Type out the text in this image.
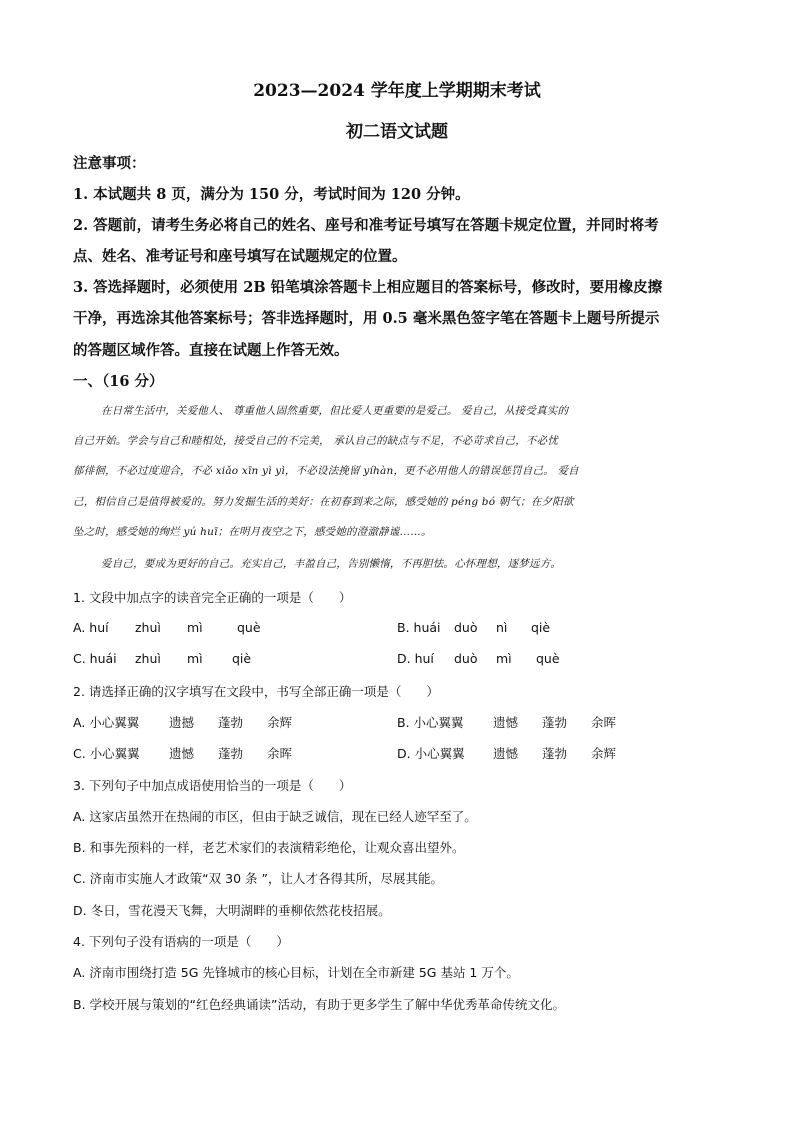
2023—2024 学年度上学期期末考试
初二语文试题
注意事项：
1. 本试题共 8 页，满分为 150 分，考试时间为 120 分钟。
2. 答题前，请考生务必将自己的姓名、座号和准考证号填写在答题卡规定位置，并同时将考
点、姓名、准考证号和座号填写在试题规定的位置。
3. 答选择题时，必须使用 2B 铅笔填涂答题卡上相应题目的答案标号，修改时，要用橡皮擦
干净，再选涂其他答案标号；答非选择题时，用 0.5 毫米黑色签字笔在答题卡上题号所提示
的答题区域作答。直接在试题上作答无效。
一、（16 分）
在日常生活中，关爱他人、 尊重他人固然重要，但比爱人更重要的是爱己。 爱自己，从接受真实的
自己开始。学会与自己和睦相处，接受自己的不完美， 承认自己的缺点与不足，不必苛求自己，不必忧
郁徘徊，不必过度迎合，不必 xiǎo xīn yì yì，不必设法挽留 yíhàn，更不必用他人的错误惩罚自己。 爱自
己，相信自己是值得被爱的。努力发掘生活的美好：在初春到来之际，感受她的 péng bó 朝气；在夕阳欲
坠之时，感受她的绚烂 yú huī；在明月夜空之下，感受她的澄澈静谧……。
爱自己，要成为更好的自己。充实自己，丰盈自己，告别懒惰，不再胆怯。心怀理想，逐梦远方。
1. 文段中加点字的读音完全正确的一项是（　　）
A. huí zhuì mì	què	B. huái duò nì qiè
C. huái zhuì mì qiè	D. huí duò mì què
2. 请选择正确的汉字填写在文段中，书写全部正确一项是（　　）
A. 小心翼翼 遗撼 蓬勃 余辉	B. 小心翼翼 遗憾 蓬勃 余晖
C. 小心翼翼 遗憾 蓬勃 余晖	D. 小心翼翼 遗憾 蓬勃 余辉
3. 下列句子中加点成语使用恰当的一项是（　　）
A. 这家店虽然开在热闹的市区，但由于缺乏诚信，现在已经人迹罕至了。
B. 和事先预料的一样，老艺术家们的表演精彩绝伦，让观众喜出望外。
C. 济南市实施人才政策“双 30 条 ”，让人才各得其所，尽展其能。
D. 冬日，雪花漫天飞舞，大明湖畔的垂柳依然花枝招展。
4. 下列句子没有语病的一项是（　　）
A. 济南市围绕打造 5G 先锋城市的核心目标，计划在全市新建 5G 基站 1 万个。
B. 学校开展与策划的“红色经典诵读”活动，有助于更多学生了解中华优秀革命传统文化。
